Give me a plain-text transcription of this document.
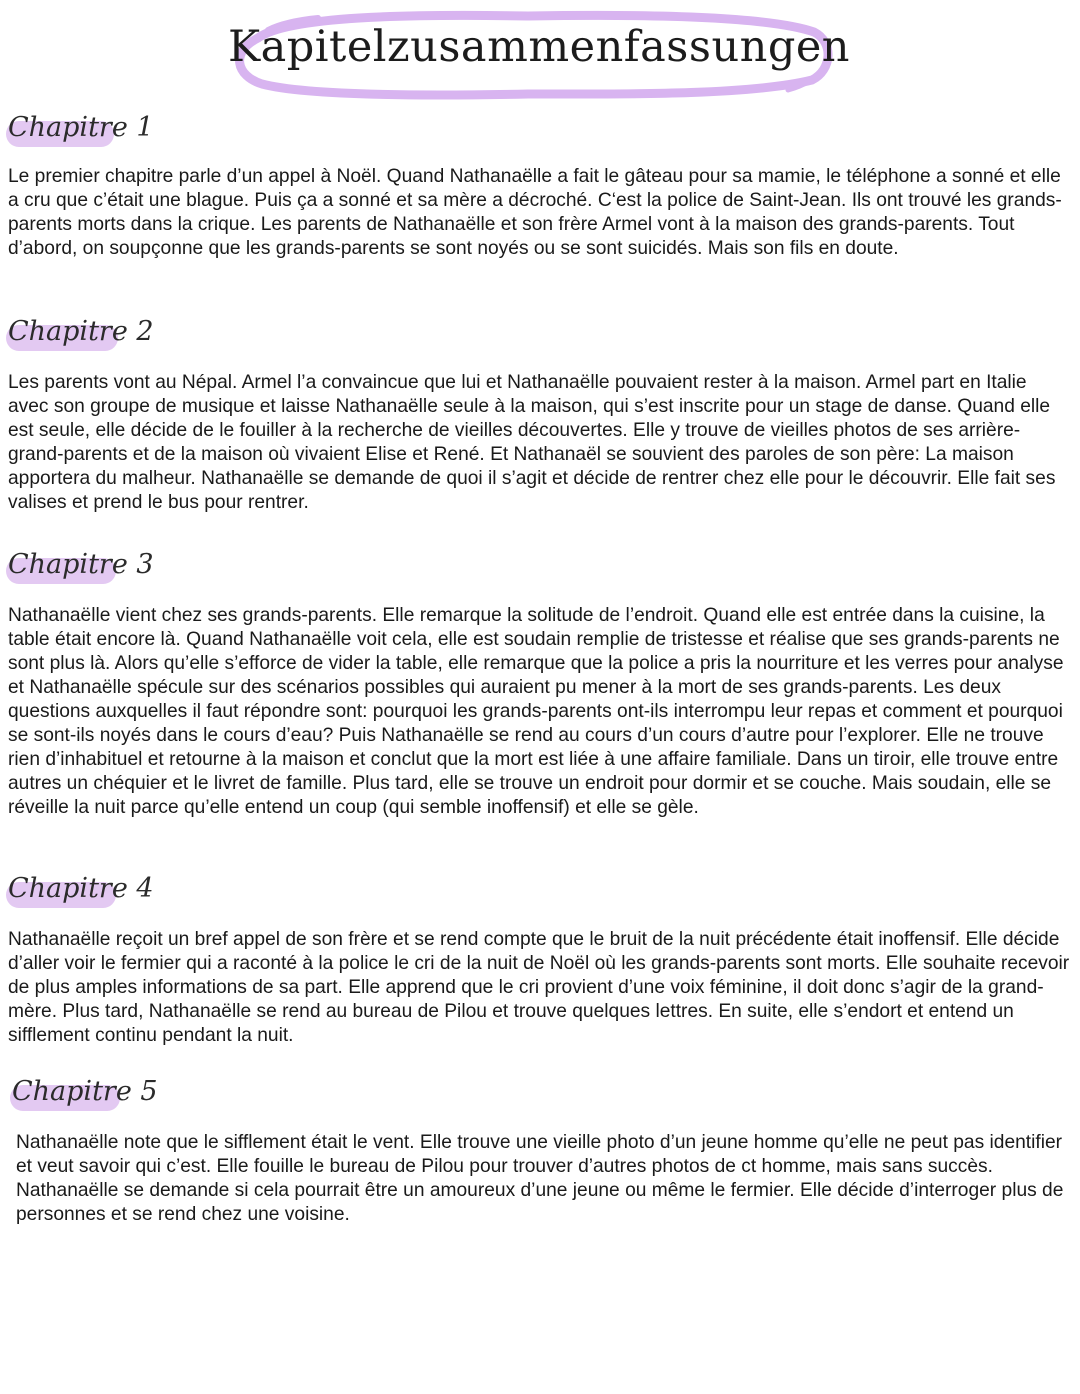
Kapitelzusammenfassungen
Chapitre 1

Le premier chapitre parle d’un appel à Noël. Quand Nathanaëlle a fait le gâteau pour sa mamie, le téléphone a sonné et elle a cru que c’était une blague. Puis ça a sonné et sa mère a décroché. C‘est la police de Saint-Jean. Ils ont trouvé les grands-parents morts dans la crique. Les parents de Nathanaëlle et son frère Armel vont à la maison des grands-parents. Tout d’abord, on soupçonne que les grands-parents se sont noyés ou se sont suicidés. Mais son fils en doute.

Chapitre 2

Les parents vont au Népal. Armel l’a convaincue que lui et Nathanaëlle pouvaient rester à la maison. Armel part en Italie avec son groupe de musique et laisse Nathanaëlle seule à la maison, qui s’est inscrite pour un stage de danse. Quand elle est seule, elle décide de le fouiller à la recherche de vieilles découvertes. Elle y trouve de vieilles photos de ses arrière-grand-parents et de la maison où vivaient Elise et René. Et Nathanaël se souvient des paroles de son père: La maison apportera du malheur. Nathanaëlle se demande de quoi il s’agit et décide de rentrer chez elle pour le découvrir. Elle fait ses valises et prend le bus pour rentrer.

Chapitre 3

Nathanaëlle vient chez ses grands-parents. Elle remarque la solitude de l’endroit. Quand elle est entrée dans la cuisine, la table était encore là. Quand Nathanaëlle voit cela, elle est soudain remplie de tristesse et réalise que ses grands-parents ne sont plus là. Alors qu’elle s’efforce de vider la table, elle remarque que la police a pris la nourriture et les verres pour analyse et Nathanaëlle spécule sur des scénarios possibles qui auraient pu mener à la mort de ses grands-parents. Les deux questions auxquelles il faut répondre sont: pourquoi les grands-parents ont-ils interrompu leur repas et comment et pourquoi se sont-ils noyés dans le cours d’eau? Puis Nathanaëlle se rend au cours d’un cours d’autre pour l’explorer. Elle ne trouve rien d’inhabituel et retourne à la maison et conclut que la mort est liée à une affaire familiale. Dans un tiroir, elle trouve entre autres un chéquier et le livret de famille. Plus tard, elle se trouve un endroit pour dormir et se couche. Mais soudain, elle se réveille la nuit parce qu’elle entend un coup (qui semble inoffensif) et elle se gèle.

Chapitre 4

Nathanaëlle reçoit un bref appel de son frère et se rend compte que le bruit de la nuit précédente était inoffensif. Elle décide d’aller voir le fermier qui a raconté à la police le cri de la nuit de Noël où les grands-parents sont morts. Elle souhaite recevoir de plus amples informations de sa part. Elle apprend que le cri provient d’une voix féminine, il doit donc s’agir de la grand-mère. Plus tard, Nathanaëlle se rend au bureau de Pilou et trouve quelques lettres. En suite, elle s’endort et entend un sifflement continu pendant la nuit.

Chapitre 5

Nathanaëlle note que le sifflement était le vent. Elle trouve une vieille photo d’un jeune homme qu’elle ne peut pas identifier et veut savoir qui c’est. Elle fouille le bureau de Pilou pour trouver d’autres photos de ct homme, mais sans succès. Nathanaëlle se demande si cela pourrait être un amoureux d’une jeune ou même le fermier. Elle décide d’interroger plus de personnes et se rend chez une voisine.
